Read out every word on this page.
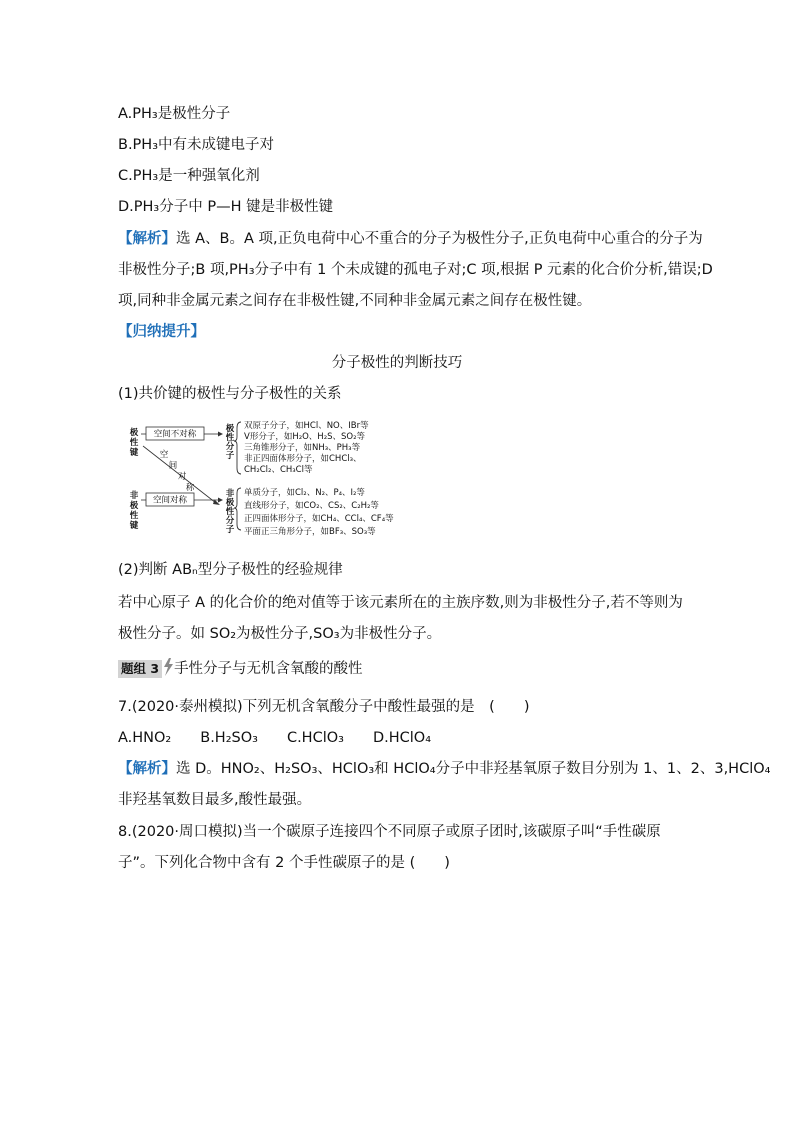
A.PH₃是极性分子
B.PH₃中有未成键电子对
C.PH₃是一种强氧化剂
D.PH₃分子中 P—H 键是非极性键
【解析】选 A、B。A 项,正负电荷中心不重合的分子为极性分子,正负电荷中心重合的分子为
非极性分子;B 项,PH₃分子中有 1 个未成键的孤电子对;C 项,根据 P 元素的化合价分析,错误;D
项,同种非金属元素之间存在非极性键,不同种非金属元素之间存在极性键。
【归纳提升】
分子极性的判断技巧
(1)共价键的极性与分子极性的关系
极
性
键
非
极
性
键
空间不对称
空间对称
空
间
对
称
极
性
分
子
非
极
性
分
子
双原子分子，如HCl、NO、IBr等
V形分子，如H₂O、H₂S、SO₂等
三角锥形分子，如NH₃、PH₃等
非正四面体形分子，如CHCl₃、
CH₂Cl₂、CH₃Cl等
单质分子，如Cl₂、N₂、P₄、I₂等
直线形分子，如CO₂、CS₂、C₂H₂等
正四面体形分子，如CH₄、CCl₄、CF₄等
平面正三角形分子，如BF₃、SO₃等
(2)判断 ABₙ型分子极性的经验规律
若中心原子 A 的化合价的绝对值等于该元素所在的主族序数,则为非极性分子,若不等则为
极性分子。如 SO₂为极性分子,SO₃为非极性分子。
题组 3 手性分子与无机含氧酸的酸性
7.(2020·泰州模拟)下列无机含氧酸分子中酸性最强的是　(　　)
A.HNO₂　　B.H₂SO₃　　C.HClO₃　　D.HClO₄
【解析】选 D。HNO₂、H₂SO₃、HClO₃和 HClO₄分子中非羟基氧原子数目分别为 1、1、2、3,HClO₄
非羟基氧数目最多,酸性最强。
8.(2020·周口模拟)当一个碳原子连接四个不同原子或原子团时,该碳原子叫“手性碳原
子”。下列化合物中含有 2 个手性碳原子的是 (　　)
